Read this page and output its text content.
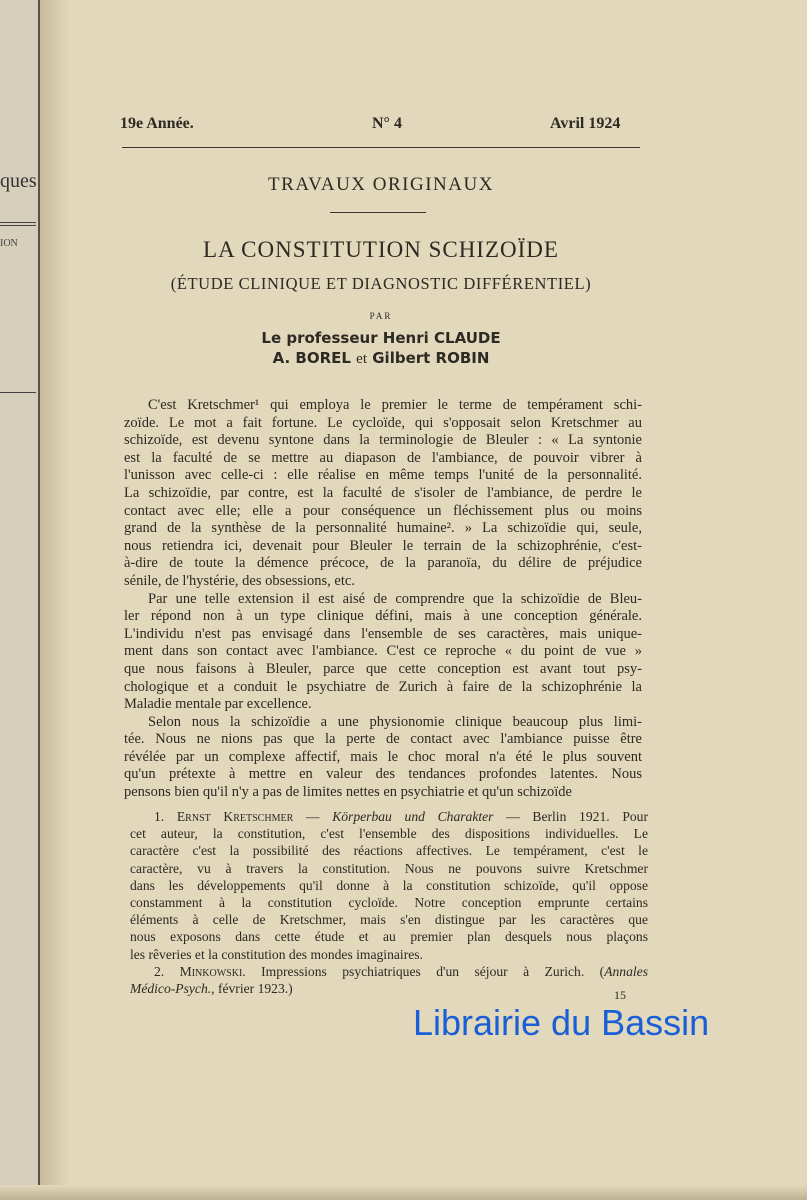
ques
ION
19e Année.	N° 4	Avril 1924
TRAVAUX ORIGINAUX
LA CONSTITUTION SCHIZOÏDE
(ÉTUDE CLINIQUE ET DIAGNOSTIC DIFFÉRENTIEL)
PAR
Le professeur Henri CLAUDE
A. BOREL et Gilbert ROBIN
C'est Kretschmer¹ qui employa le premier le terme de tempérament schi-
zoïde. Le mot a fait fortune. Le cycloïde, qui s'opposait selon Kretschmer au
schizoïde, est devenu syntone dans la terminologie de Bleuler : « La syntonie
est la faculté de se mettre au diapason de l'ambiance, de pouvoir vibrer à
l'unisson avec celle-ci : elle réalise en même temps l'unité de la personnalité.
La schizoïdie, par contre, est la faculté de s'isoler de l'ambiance, de perdre le
contact avec elle; elle a pour conséquence un fléchissement plus ou moins
grand de la synthèse de la personnalité humaine². » La schizoïdie qui, seule,
nous retiendra ici, devenait pour Bleuler le terrain de la schizophrénie, c'est-
à-dire de toute la démence précoce, de la paranoïa, du délire de préjudice
sénile, de l'hystérie, des obsessions, etc.
Par une telle extension il est aisé de comprendre que la schizoïdie de Bleu-
ler répond non à un type clinique défini, mais à une conception générale.
L'individu n'est pas envisagé dans l'ensemble de ses caractères, mais unique-
ment dans son contact avec l'ambiance. C'est ce reproche « du point de vue »
que nous faisons à Bleuler, parce que cette conception est avant tout psy-
chologique et a conduit le psychiatre de Zurich à faire de la schizophrénie la
Maladie mentale par excellence.
Selon nous la schizoïdie a une physionomie clinique beaucoup plus limi-
tée. Nous ne nions pas que la perte de contact avec l'ambiance puisse être
révélée par un complexe affectif, mais le choc moral n'a été le plus souvent
qu'un prétexte à mettre en valeur des tendances profondes latentes. Nous
pensons bien qu'il n'y a pas de limites nettes en psychiatrie et qu'un schizoïde
1. Ernst Kretschmer — Körperbau und Charakter — Berlin 1921. Pour
cet auteur, la constitution, c'est l'ensemble des dispositions individuelles. Le
caractère c'est la possibilité des réactions affectives. Le tempérament, c'est le
caractère, vu à travers la constitution. Nous ne pouvons suivre Kretschmer
dans les développements qu'il donne à la constitution schizoïde, qu'il oppose
constamment à la constitution cycloïde. Notre conception emprunte certains
éléments à celle de Kretschmer, mais s'en distingue par les caractères que
nous exposons dans cette étude et au premier plan desquels nous plaçons
les rêveries et la constitution des mondes imaginaires.
2. Minkowski. Impressions psychiatriques d'un séjour à Zurich. (Annales
Médico-Psych., février 1923.)	15
Librairie du Bassin
